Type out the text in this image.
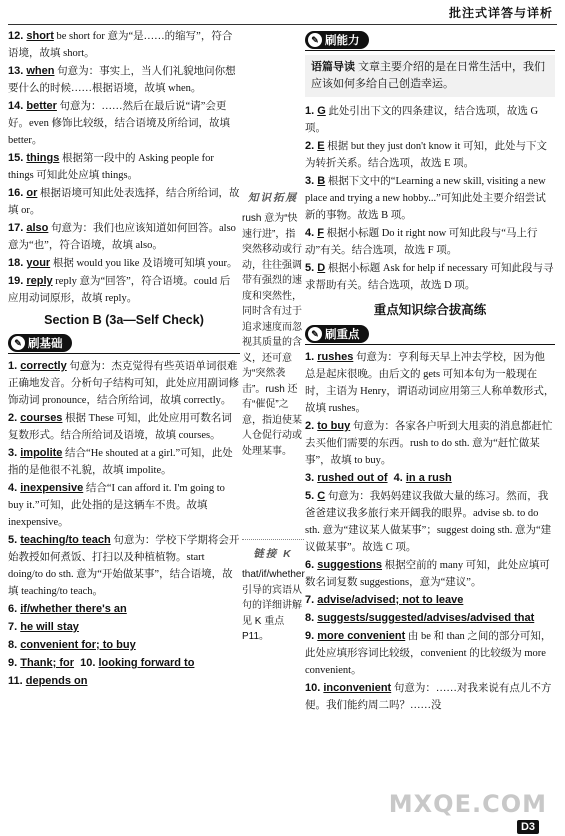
批注式详答与详析
12. short be short for 意为“是……的缩写”，符合语境，故填 short。
13. when 句意为：事实上，当人们礼貌地问你想要什么的时候……根据语境，故填 when。
14. better 句意为：……然后在最后说“请”会更好。even 修饰比较级，结合语境及所给词，故填 better。
15. things 根据第一段中的 Asking people for things 可知此处应填 things。
16. or 根据语境可知此处表选择，结合所给词，故填 or。
17. also 句意为：我们也应该知道如何回答。also 意为“也”，符合语境，故填 also。
18. your 根据 would you like 及语境可知填 your。
19. reply reply 意为“回答”，符合语境。could 后应用动词原形，故填 reply。
Section B (3a—Self Check)
✎ 刷基础
1. correctly 句意为：杰克觉得有些英语单词很难正确地发音。分析句子结构可知，此处应用副词修饰动词 pronounce，结合所给词，故填 correctly。
2. courses 根据 These 可知，此处应用可数名词复数形式。结合所给词及语境，故填 courses。
3. impolite 结合“He shouted at a girl.”可知，此处指的是他很不礼貌，故填 impolite。
4. inexpensive 结合“I can afford it. I'm going to buy it.”可知，此处指的是这辆车不贵。故填 inexpensive。
5. teaching/to teach 句意为：学校下学期将会开始教授如何煮饭、打扫以及种植植物。start doing/to do sth. 意为“开始做某事”，结合语境，故填 teaching/to teach。
6. if/whether there's an
7. he will stay
8. convenient for; to buy
9. Thank; for 10. looking forward to
11. depends on
知识拓展
rush 意为“快速行进”，指突然移动或行动，往往强调带有强烈的速度和突然性，同时含有过于追求速度而忽视其质量的含义，还可意为“突然袭击”。rush 还有“催促”之意，指迫使某人仓促行动或处理某事。
链接 K
that/if/whether 引导的宾语从句的详细讲解见 K 重点 P11。
✎ 刷能力
语篇导读 文章主要介绍的是在日常生活中，我们应该如何多给自己创造幸运。
1. G 此处引出下文的四条建议，结合选项，故选 G 项。
2. E 根据 but they just don't know it 可知，此处与下文为转折关系。结合选项，故选 E 项。
3. B 根据下文中的“Learning a new skill, visiting a new place and trying a new hobby...”可知此处主要介绍尝试新的事物。故选 B 项。
4. F 根据小标题 Do it right now 可知此段与“马上行动”有关。结合选项，故选 F 项。
5. D 根据小标题 Ask for help if necessary 可知此段与寻求帮助有关。结合选项，故选 D 项。
重点知识综合拔高练
✎ 刷重点
1. rushes 句意为：亨利每天早上冲去学校，因为他总是起床很晚。由后文的 gets 可知本句为一般现在时，主语为 Henry，谓语动词应用第三人称单数形式，故填 rushes。
2. to buy 句意为：各家各户听到大甩卖的消息都赶忙去买他们需要的东西。rush to do sth. 意为“赶忙做某事”，故填 to buy。
3. rushed out of 4. in a rush
5. C 句意为：我妈妈建议我做大量的练习。然而，我爸爸建议我多旅行来开阔我的眼界。advise sb. to do sth. 意为“建议某人做某事”；suggest doing sth. 意为“建议做某事”。故选 C 项。
6. suggestions 根据空前的 many 可知，此处应填可数名词复数 suggestions，意为“建议”。
7. advise/advised; not to leave
8. suggests/suggested/advises/advised that
9. more convenient 由 be 和 than 之间的部分可知，此处应填形容词比较级，convenient 的比较级为 more convenient。
10. inconvenient 句意为：……对我来说有点儿不方便。我们能约周二吗？……没
MXQE.COM
D3
